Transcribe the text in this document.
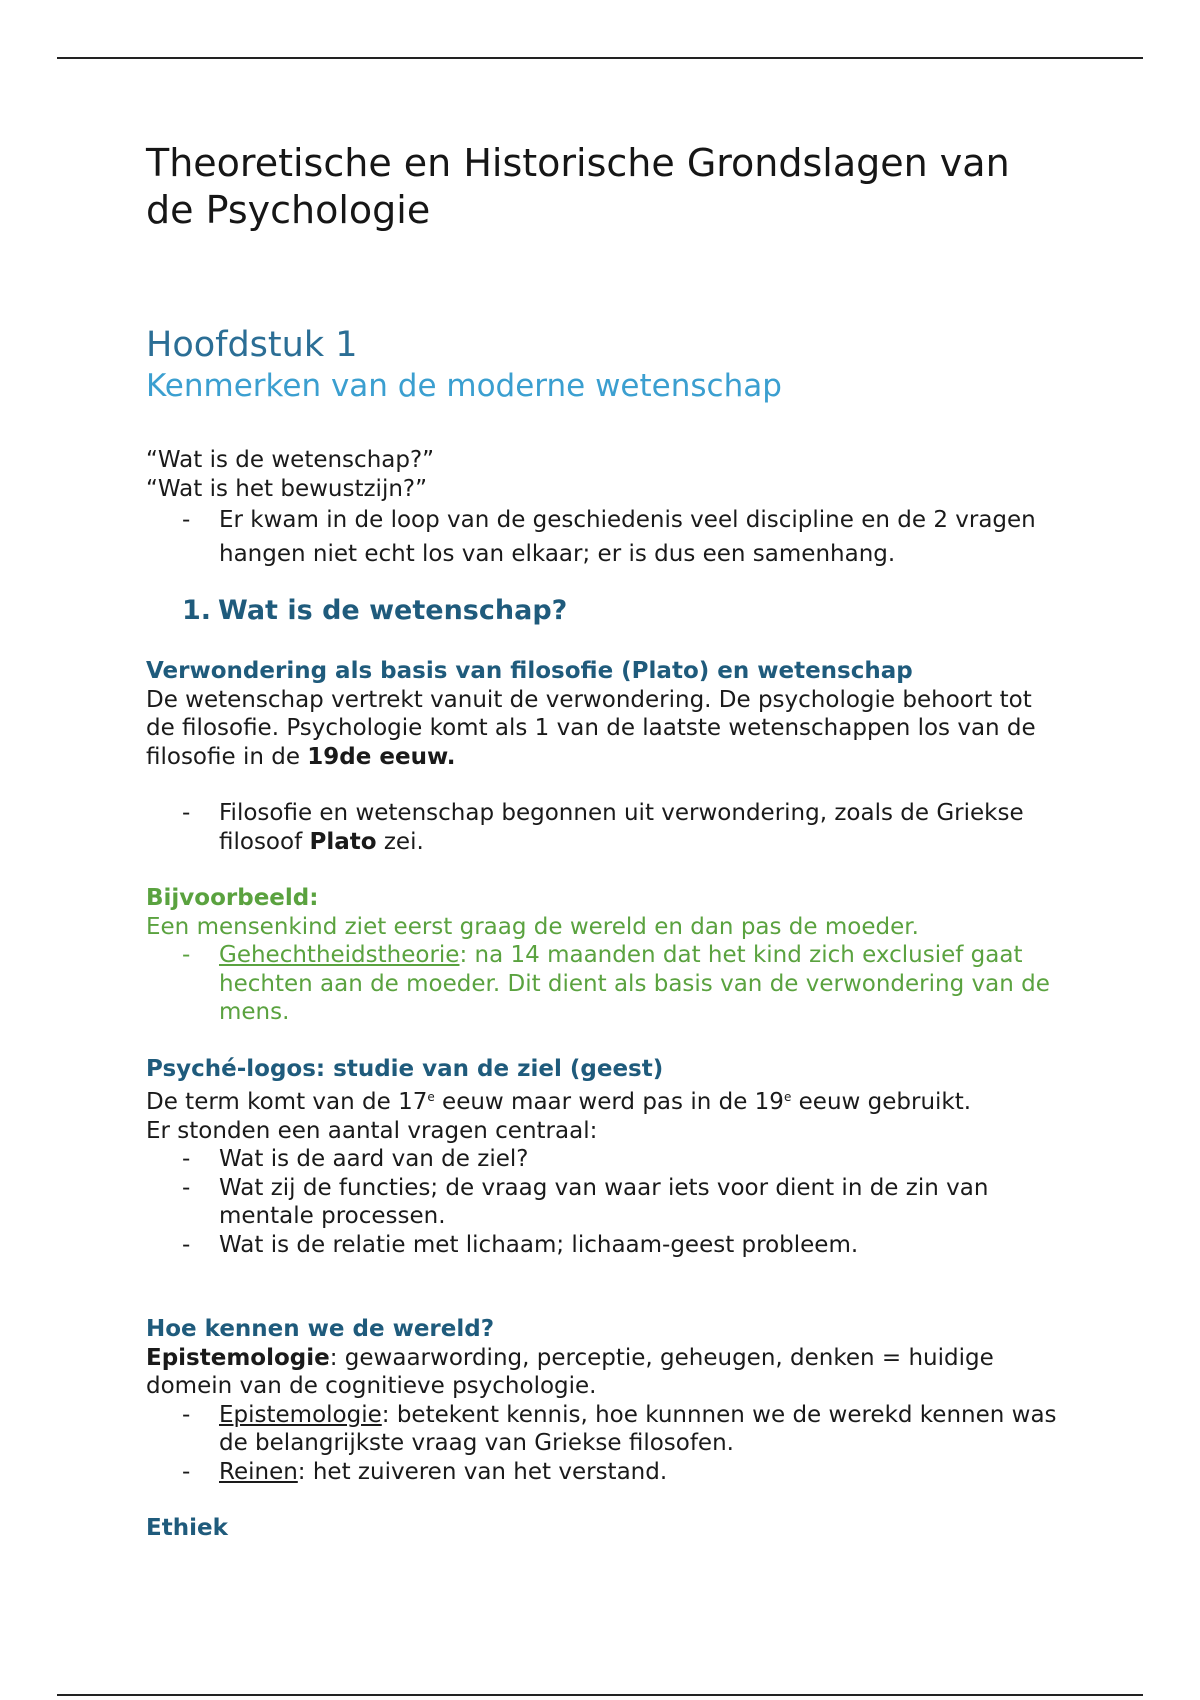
Theoretische en Historische Grondslagen van de Psychologie
Hoofdstuk 1
Kenmerken van de moderne wetenschap

“Wat is de wetenschap?”

“Wat is het bewustzijn?”

- Er kwam in de loop van de geschiedenis veel discipline en de 2 vragen hangen niet echt los van elkaar; er is dus een samenhang.
1. Wat is de wetenschap?

Verwondering als basis van filosofie (Plato) en wetenschap

De wetenschap vertrekt vanuit de verwondering. De psychologie behoort tot de filosofie. Psychologie komt als 1 van de laatste wetenschappen los van de filosofie in de 19de eeuw.

- Filosofie en wetenschap begonnen uit verwondering, zoals de Griekse filosoof Plato zei.

Bijvoorbeeld:

Een mensenkind ziet eerst graag de wereld en dan pas de moeder.

- Gehechtheidstheorie: na 14 maanden dat het kind zich exclusief gaat hechten aan de moeder. Dit dient als basis van de verwondering van de mens.

Psyché-logos: studie van de ziel (geest)

De term komt van de 17e eeuw maar werd pas in de 19e eeuw gebruikt.

Er stonden een aantal vragen centraal:

- Wat is de aard van de ziel?
- Wat zij de functies; de vraag van waar iets voor dient in de zin van mentale processen.
- Wat is de relatie met lichaam; lichaam-geest probleem.

Hoe kennen we de wereld?

Epistemologie: gewaarwording, perceptie, geheugen, denken = huidige domein van de cognitieve psychologie.

- Epistemologie: betekent kennis, hoe kunnnen we de werekd kennen was de belangrijkste vraag van Griekse filosofen.
- Reinen: het zuiveren van het verstand.

Ethiek
